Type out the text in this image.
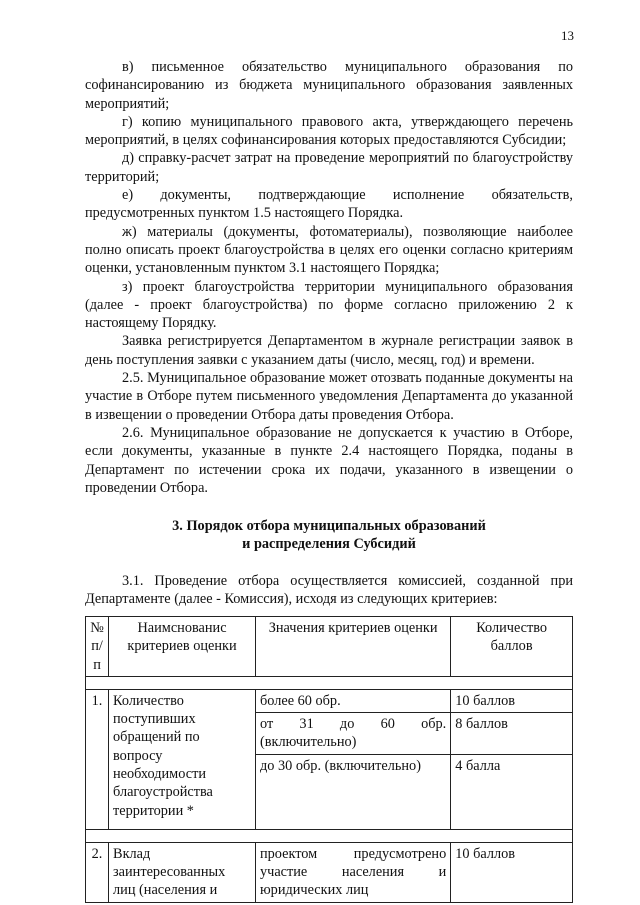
13

в) письменное обязательство муниципального образования по софинансированию из бюджета муниципального образования заявленных мероприятий;

г) копию муниципального правового акта, утверждающего перечень мероприятий, в целях софинансирования которых предоставляются Субсидии;

д) справку-расчет затрат на проведение мероприятий по благоустройству территорий;

е) документы, подтверждающие исполнение обязательств, предусмотренных пунктом 1.5 настоящего Порядка.

ж) материалы (документы, фотоматериалы), позволяющие наиболее полно описать проект благоустройства в целях его оценки согласно критериям оценки, установленным пунктом 3.1 настоящего Порядка;

з) проект благоустройства территории муниципального образования (далее - проект благоустройства) по форме согласно приложению 2 к настоящему Порядку.

Заявка регистрируется Департаментом в журнале регистрации заявок в день поступления заявки с указанием даты (число, месяц, год) и времени.

2.5. Муниципальное образование может отозвать поданные документы на участие в Отборе путем письменного уведомления Департамента до указанной в извещении о проведении Отбора даты проведения Отбора.

2.6. Муниципальное образование не допускается к участию в Отборе, если документы, указанные в пункте 2.4 настоящего Порядка, поданы в Департамент по истечении срока их подачи, указанного в извещении о проведении Отбора.

3. Порядок отбора муниципальных образований
и распределения Субсидий

3.1. Проведение отбора осуществляется комиссией, созданной при Департаменте (далее - Комиссия), исходя из следующих критериев:

№ п/п	Наимснованис критериев оценки	Значения критериев оценки	Количество баллов

1.	Количество поступивших обращений по вопросу необходимости благоустройства территории *	более 60 обр.	10 баллов
		от 31 до 60 обр. (включительно)	8 баллов
		до 30 обр. (включительно)	4 балла

2.	Вклад заинтересованных лиц (населения и	проектом предусмотрено участие населения и юридических лиц	10 баллов
